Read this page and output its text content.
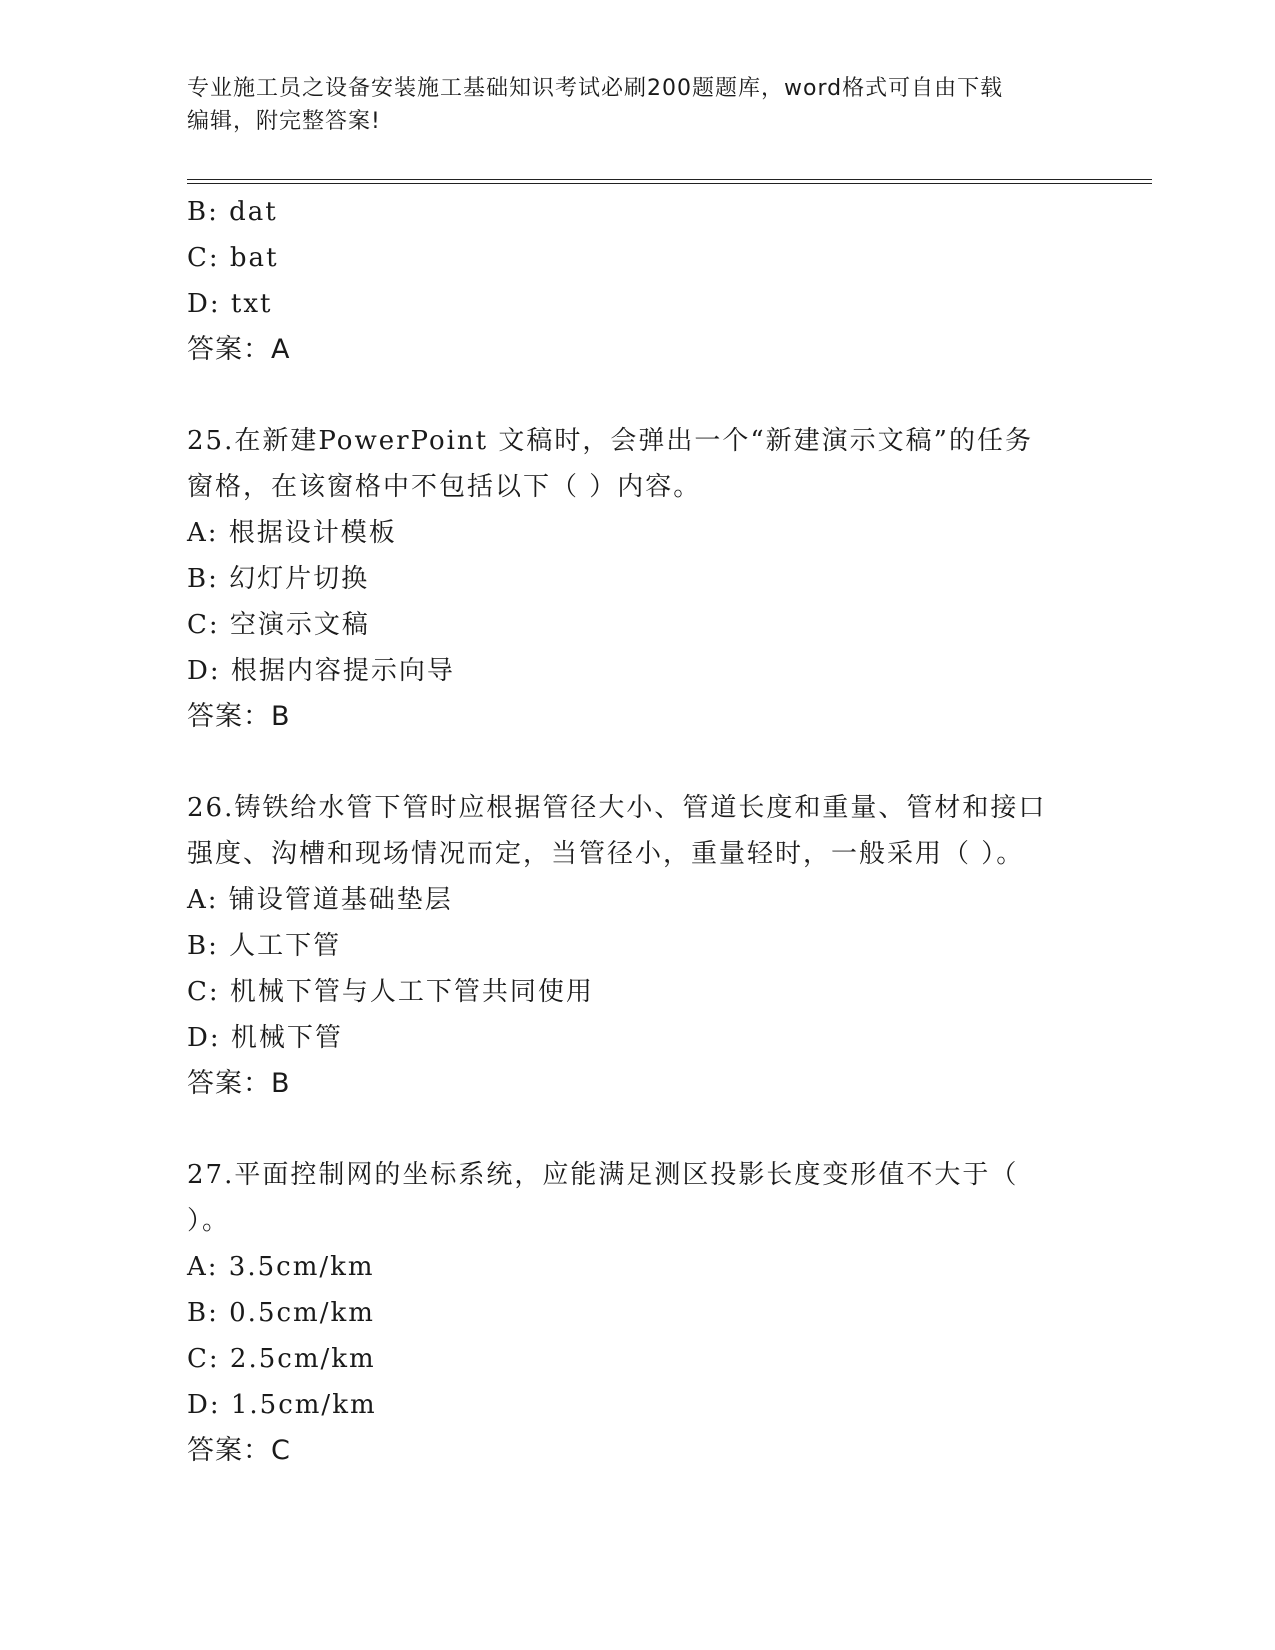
专业施工员之设备安装施工基础知识考试必刷200题题库，word格式可自由下载
编辑，附完整答案!
B: dat
C: bat
D: txt
答案：A
25.在新建PowerPoint 文稿时，会弹出一个“新建演示文稿”的任务
窗格，在该窗格中不包括以下（ ）内容。
A: 根据设计模板
B: 幻灯片切换
C: 空演示文稿
D: 根据内容提示向导
答案：B
26.铸铁给水管下管时应根据管径大小、管道长度和重量、管材和接口
强度、沟槽和现场情况而定，当管径小，重量轻时，一般采用（ ）。
A: 铺设管道基础垫层
B: 人工下管
C: 机械下管与人工下管共同使用
D: 机械下管
答案：B
27.平面控制网的坐标系统，应能满足测区投影长度变形值不大于（
）。
A: 3.5cm/km
B: 0.5cm/km
C: 2.5cm/km
D: 1.5cm/km
答案：C
